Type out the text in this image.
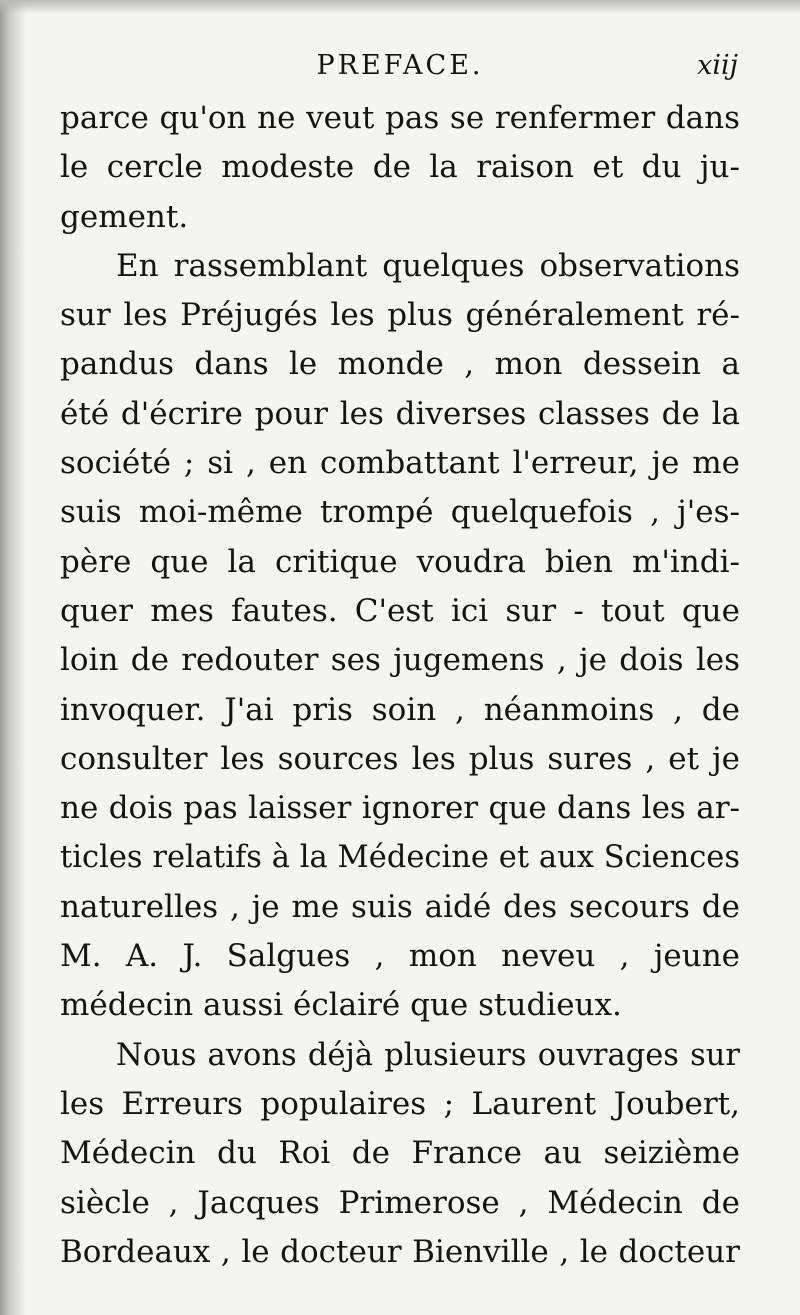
PREFACE.	xiij
parce qu'on ne veut pas se renfermer dans
le cercle modeste de la raison et du ju-
gement.
En rassemblant quelques observations
sur les Préjugés les plus généralement ré-
pandus dans le monde , mon dessein a
été d'écrire pour les diverses classes de la
société ; si , en combattant l'erreur, je me
suis moi-même trompé quelquefois , j'es-
père que la critique voudra bien m'indi-
quer mes fautes. C'est ici sur - tout que
loin de redouter ses jugemens , je dois les
invoquer. J'ai pris soin , néanmoins , de
consulter les sources les plus sures , et je
ne dois pas laisser ignorer que dans les ar-
ticles relatifs à la Médecine et aux Sciences
naturelles , je me suis aidé des secours de
M. A. J. Salgues , mon neveu , jeune
médecin aussi éclairé que studieux.
Nous avons déjà plusieurs ouvrages sur
les Erreurs populaires ; Laurent Joubert,
Médecin du Roi de France au seizième
siècle , Jacques Primerose , Médecin de
Bordeaux , le docteur Bienville , le docteur
